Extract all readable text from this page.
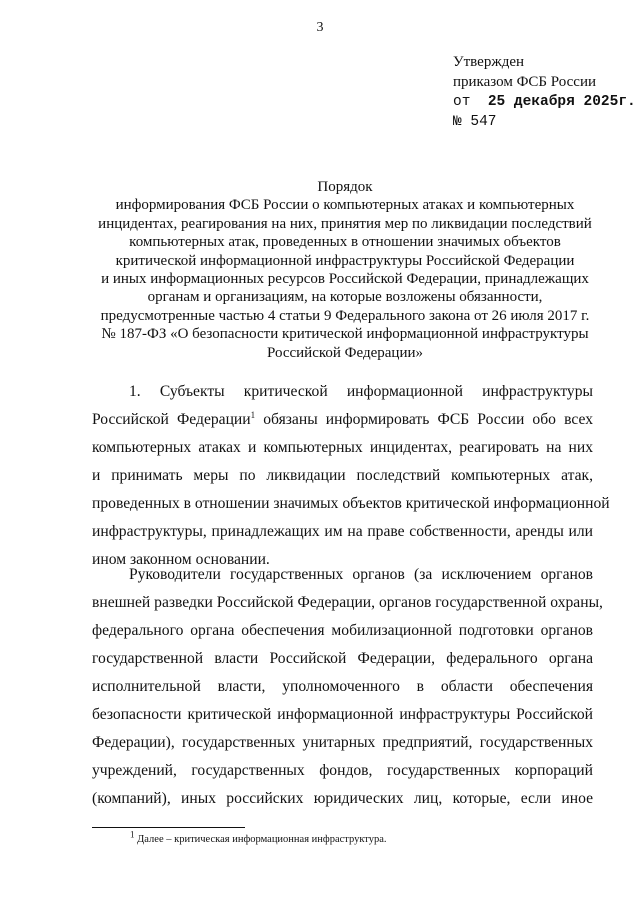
3
Утвержден
приказом ФСБ России
от 25 декабря 2025г.
№ 547
Порядок
информирования ФСБ России о компьютерных атаках и компьютерных
инцидентах, реагирования на них, принятия мер по ликвидации последствий
компьютерных атак, проведенных в отношении значимых объектов
критической информационной инфраструктуры Российской Федерации
и иных информационных ресурсов Российской Федерации, принадлежащих
органам и организациям, на которые возложены обязанности,
предусмотренные частью 4 статьи 9 Федерального закона от 26 июля 2017 г.
№ 187-ФЗ «О безопасности критической информационной инфраструктуры
Российской Федерации»
1. Субъекты критической информационной инфраструктуры
Российской Федерации$^1$ обязаны информировать ФСБ России обо всех
компьютерных атаках и компьютерных инцидентах, реагировать на них
и принимать меры по ликвидации последствий компьютерных атак,
проведенных в отношении значимых объектов критической информационной
инфраструктуры, принадлежащих им на праве собственности, аренды или
ином законном основании.
Руководители государственных органов (за исключением органов
внешней разведки Российской Федерации, органов государственной охраны,
федерального органа обеспечения мобилизационной подготовки органов
государственной власти Российской Федерации, федерального органа
исполнительной власти, уполномоченного в области обеспечения
безопасности критической информационной инфраструктуры Российской
Федерации), государственных унитарных предприятий, государственных
учреждений, государственных фондов, государственных корпораций
(компаний), иных российских юридических лиц, которые, если иное
$^1$ Далее – критическая информационная инфраструктура.
